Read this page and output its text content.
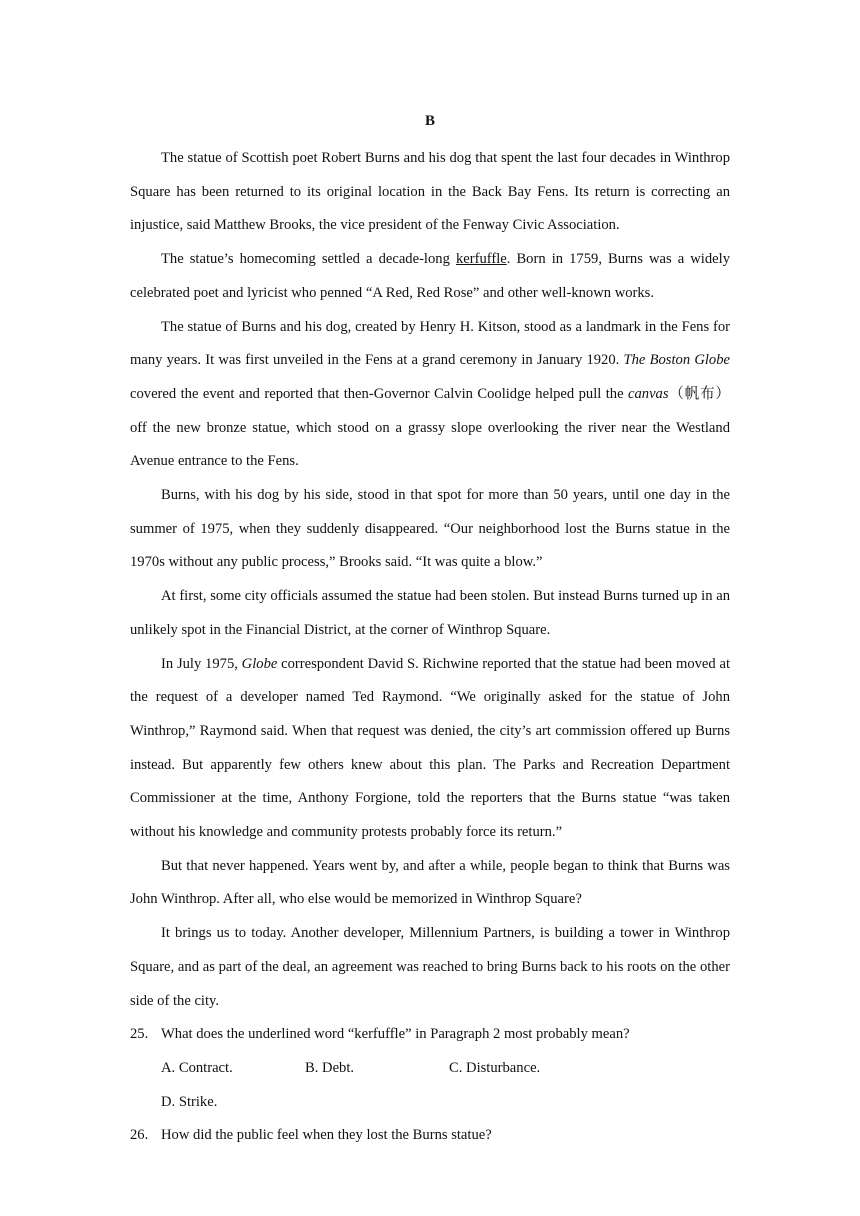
B

The statue of Scottish poet Robert Burns and his dog that spent the last four decades in Winthrop Square has been returned to its original location in the Back Bay Fens. Its return is correcting an injustice, said Matthew Brooks, the vice president of the Fenway Civic Association.

The statue’s homecoming settled a decade-long kerfuffle. Born in 1759, Burns was a widely celebrated poet and lyricist who penned “A Red, Red Rose” and other well-known works.

The statue of Burns and his dog, created by Henry H. Kitson, stood as a landmark in the Fens for many years. It was first unveiled in the Fens at a grand ceremony in January 1920. The Boston Globe covered the event and reported that then-Governor Calvin Coolidge helped pull the canvas（帆布）off the new bronze statue, which stood on a grassy slope overlooking the river near the Westland Avenue entrance to the Fens.

Burns, with his dog by his side, stood in that spot for more than 50 years, until one day in the summer of 1975, when they suddenly disappeared. “Our neighborhood lost the Burns statue in the 1970s without any public process,” Brooks said. “It was quite a blow.”

At first, some city officials assumed the statue had been stolen. But instead Burns turned up in an unlikely spot in the Financial District, at the corner of Winthrop Square.

In July 1975, Globe correspondent David S. Richwine reported that the statue had been moved at the request of a developer named Ted Raymond. “We originally asked for the statue of John Winthrop,” Raymond said. When that request was denied, the city’s art commission offered up Burns instead. But apparently few others knew about this plan. The Parks and Recreation Department Commissioner at the time, Anthony Forgione, told the reporters that the Burns statue “was taken without his knowledge and community protests probably force its return.”

But that never happened. Years went by, and after a while, people began to think that Burns was John Winthrop. After all, who else would be memorized in Winthrop Square?

It brings us to today. Another developer, Millennium Partners, is building a tower in Winthrop Square, and as part of the deal, an agreement was reached to bring Burns back to his roots on the other side of the city.

25. What does the underlined word “kerfuffle” in Paragraph 2 most probably mean?

A. Contract.	B. Debt.	C. Disturbance.D. Strike.

26. How did the public feel when they lost the Burns statue?
